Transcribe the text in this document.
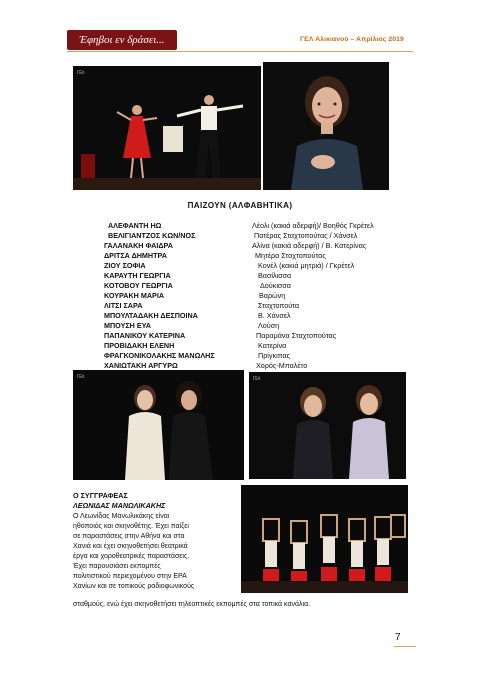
Έφηβοι εν δράσει...	ΓΕΛ Αλικιανού – Απρίλιος 2019
ΓΕΛ
ΠΑΙΖΟΥΝ (ΑΛΦΑΒΗΤΙΚΑ)
ΑΛΕΦΑΝΤΗ ΗΩ	Λέολι (κακιά αδερφή)/ Βοηθός Γκρέτελ
ΒΕΛΙΓΙΑΝΤΖΟΣ ΚΩΝ/ΝΟΣ	Πατέρας Σταχτοπούτας / Χάνσελ
ΓΑΛΑΝΑΚΗ ΦΑΙΔΡΑ	Αλίνα (κακιά αδερφή) / Β. Κατερίνας
ΔΡΙΤΣΑ ΔΗΜΗΤΡΑ	Μητέρα Σταχτοπούτας
ΖΙΟΥ ΣΟΦΙΑ	Κονέλ (κακιά μητριά) / Γκρέτελ
ΚΑΡΑΥΤΗ ΓΕΩΡΓΙΑ	Βασίλισσα
ΚΟΤΟΒΟΥ ΓΕΩΡΓΙΑ	Δούκισσα
ΚΟΥΡΑΚΗ ΜΑΡΙΑ	Βαρώνη
ΛΙΤΣΙ ΣΑΡΑ	Σταχτοπούτα
ΜΠΟΥΛΤΑΔΑΚΗ ΔΕΣΠΟΙΝΑ	Β. Χάνσελ
ΜΠΟΥΣΗ ΕΥΑ	Λούση
ΠΑΠΑΝΙΚΟΥ ΚΑΤΕΡΙΝΑ	Παραμάνα Σταχτοπούτας
ΠΡΟΒΙΔΑΚΗ ΕΛΕΝΗ	Κατερίνα
ΦΡΑΓΚΟΝΙΚΟΛΑΚΗΣ ΜΑΝΩΛΗΣ	Πρίγκιπας
ΧΑΝΙΩΤΑΚΗ ΑΡΓΥΡΩ	Χορός-Μπαλέτο
ΓΕΛ	ΓΕΛ
Ο ΣΥΓΓΡΑΦΕΑΣ
ΛΕΩΝΙΔΑΣ ΜΑΝΩΛΙΚΑΚΗΣ
Ο Λεωνίδας Μανωλικάκης είναι
ηθοποιός και σκηνοθέτης. Έχει παίξει
σε παραστάσεις στην Αθήνα και στα
Χανιά και έχει σκηνοθετήσει θεατρικά
έργα και χοροθεατρικές παραστάσεις.
Έχει παρουσιάσει εκπομπές
πολιτιστικού περιεχομένου στην ΕΡΑ
Χανίων και σε τοπικούς ραδιοφωνικούς
σταθμούς, ενώ έχει σκηνοθετήσει τηλεοπτικές εκπομπές στα τοπικά κανάλια.
7
